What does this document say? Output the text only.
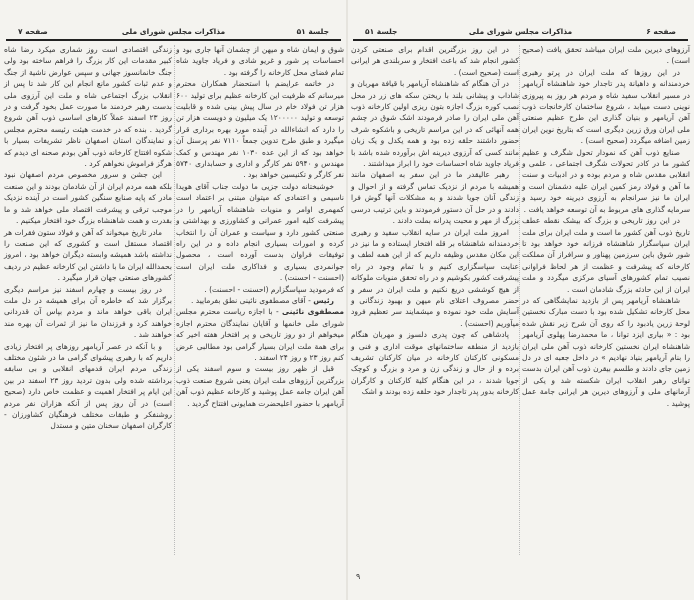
جلسة ۵۱
مذاکرات مجلس شورای ملی
صفحه ۷

شوق و ایمان شاه و میهن از چشمان آنها جاری بود و احساسات پر شور و غریو شادی و فریاد جاوید شاه تمام فضای محل کارخانه را گرفته بود .

در خاتمه عرایضم با استحضار همکاران محترم میرسانم که ظرفیت این کارخانه عظیم برای تولید ۶۰۰ هزار تن فولاد خام در سال پیش بینی شده و قابلیت توسعه و تولید ۱۲۰۰۰۰۰ یک میلیون و دویست هزار تن را دارد که انشاءالله در آینده مورد بهره برداری قرار میگیرد و طبق طرح تدوین جمعاً ۷۱۱۰ نفر پرسنل آن خواهد بود که از این عده ۱۰۳۰ نفر مهندس و کمک مهندس و ۵۹۴۰ نفر کارگر و اداری و حسابداری ۵۷۴۰ نفر کارگر و تکنیسین خواهد بود .

خوشبختانه دولت جزیی ما دولت جناب آقای هویدا ناسیمی و اعتمادی که میتوان مبتنی بر اعتماد است کمهمری اوامر و منویات شاهنشاه آریامهر را در پیشرفت کلیه امور عمرانی و کشاورزی و بهداشتی و صنعتی کشور دارد و سیاست و عمران آن را انتخاب کرده و امورات بسیاری انجام داده و در این راه توفیقات فراوان بدست آورده است ، محصول جوانمردی بسیاری و فداکاری ملت ایران است (احسنت - احسنت) .

که فرمودید سپاسگزارم (احسنت - احسنت) .

رئیس - آقای مصطفوی نائینی نطق بفرمایید .

مصطفوی نائینی - با اجازه ریاست محترم مجلس شورای ملی خانمها و آقایان نمایندگان محترم اجازه میخواهم از دو روز تاریخی و پر افتخار هفته اخیر که برای همة ملت ایران بسیار گرامی بود مطالبی عرض کنم روز ۲۳ و روز ۲۴ اسفند .

قبل از ظهر روز بیست و سوم اسفند یکی از بزرگترین آرزوهای ملت ایران یعنی شروع صنعت ذوب آهن ایران جامه عمل پوشید و کارخانه عظیم ذوب آهن آریامهر با حضور اعلیحضرت همایونی افتتاح گردید .

زندگی اقتصادی است روز شماری میکرد رضا شاه کبیر مقدمات این کار بزرگ را فراهم ساخته بود ولی جنگ خانمانسوز جهانی و سپس عوارض ناشیة از جنگ و عدم ثبات کشور مانع انجام این کار شد تا پس از انقلاب بزرگ اجتماعی شاه و ملت این آرزوی ملی بدست رهبر خردمند ما صورت عمل بخود گرفت و در روز ۲۳ اسفند عملاً کارهای اساسی ذوب آهن شروع گردید . بنده که در خدمت هیئت رئیسه محترم مجلس و نمایندگان استان اصفهان ناظر تشریفات بسیار با شکوه افتتاح کارخانه ذوب آهن بودم صحنه ای دیدم که هرگز فراموش نخواهم کرد .

این جشن و سرور مخصوص مردم اصفهان نبود بلکه همه مردم ایران از آن شادمان بودند و این صنعت مادر که پایه صنایع سنگین کشور است در آینده نزدیک موجب ترقی و پیشرفت اقتصاد ملی خواهد شد و ما بقدرت و همت شاهنشاه بزرگ خود افتخار میکنیم .

مادر تاریخ میخواند که آهن و فولاد ستون فقرات هر اقتصاد مستقل است و کشوری که این صنعت را نداشته باشد همیشه وابسته دیگران خواهد بود ، امروز بحمدالله ایران ما با داشتن این کارخانه عظیم در ردیف کشورهای صنعتی جهان قرار میگیرد .

در روز بیست و چهارم اسفند نیز مراسم دیگری برگزار شد که خاطره آن برای همیشه در دل ملت ایران باقی خواهد ماند و مردم بپاس آن قدردانی خواهند کرد و فرزندان ما نیز از ثمرات آن بهره مند خواهند شد .

و با آنکه در عصر آریامهر روزهای پر افتخار زیادی داریم که با رهبری پیشوای گرامی ما در شئون مختلف زندگی مردم ایران قدمهای انقلابی و بی سابقه برداشته شده ولی بدون تردید روز ۲۳ اسفند در بین این ایام پر افتخار اهمیت و عظمت خاص دارد (صحیح است) در آن روز پس از آنکه هزاران نفر مردم روشنفکر و طبقات مختلف فرهنگیان کشاورزان - کارگران اصفهان سخنان متین و مستدل

صفحه ۶
مذاکرات مجلس شورای ملی
جلسة ۵۱

آرزوهای دیرین ملت ایران میباشد تحقق یافت (صحیح است) .

در این روزها که ملت ایران در پرتو رهبری خردمندانه و داهیانة پدر تاجدار خود شاهنشاه آریامهر در مسیر انقلاب سفید شاه و مردم هر روز به پیروزی نوینی دست مییابد ، شروع ساختمان کارخانجات ذوب آهن آریامهر و بنیان گذاری این طرح عظیم صنعتی ملی ایران ورق زرین دیگری است که بتاریخ نوین ایران زمین اضافه میگردد (صحیح است) .

صنایع ذوب آهن که نمودار تحول شگرف و عظیم کشور ما در کادر تحولات شگرف اجتماعی ، علمی و انقلابی مقدس شاه و مردم بوده و در ادبیات و سنت ما آهن و فولاد رمز کمین ایران علیه دشمنان است و ایران ما نیز سرانجام به آرزوی دیرینه خود رسید و سرمایه گذاری های مربوط به آن توسعه خواهد یافت .

در این روز تاریخی و بزرگ که بیشک نقطه عطف تاریخ ذوب آهن کشور ما است و ملت ایران برای ملت ایران سپاسگزار شاهنشاه فرزانه خود خواهد بود تا شور شوق باین سرزمین پهناور و سرافراز آن مملکت کارخانه که پیشرفت و عظمت از هر لحاظ فراوانی نصیب تمام کشورهای آسیای مرکزی میگردد و ملت ایران از این حادثه بزرگ شادمان است .

شاهنشاه آریامهر پس از بازدید نمایشگاهی که در محل کارخانه تشکیل شده بود با دست مبارک نخستین لوحة زرین یادبود را که روی آن شرح زیر نقش شده بود : « بیاری ایزد توانا ، ما محمدرضا پهلوی آریامهر شاهنشاه ایران نخستین کارخانه ذوب آهن ملی ایران را بنام آریامهر بنیاد نهادیم » در داخل جعبه ای در دل زمین جای دادند و طلسم بیقرن ذوب آهن ایران بدست توانای رهبر انقلاب ایران شکسته شد و یکی از آرمانهای ملی و آرزوهای دیرین هر ایرانی جامة عمل پوشید .

در این روز بزرگترین اقدام برای صنعتی کردن کشور انجام شد که باعث افتخار و سربلندی هر ایرانی است (صحیح است) .

در آن هنگام که شاهنشاه آریامهر با قیافة مهربان و شاداب و پیشانی بلند با ریختن سکه های زر در محل نصب کوره بزرگ اجازه بتون ریزی اولین کارخانه ذوب آهن ملی ایران را صادر فرمودند اشک شوق در چشم همه آنهائی که در این مراسم تاریخی و باشکوه شرف حضور داشتند حلقه زده بود و همه یکدل و یک زبان مانند کسی که آرزوی دیرینه اش برآورده شده باشد با فریاد جاوید شاه احساسات خود را ابراز میداشتند .

رهبر عالیقدر ما در این سفر به اصفهان مانند همیشه با مردم از نزدیک تماس گرفته و از احوال و زندگی آنان جویا شدند و به مشکلات آنها گوش فرا دادند و در حل آن دستور فرمودند و باین ترتیب درسی بزرگ از مهر و محبت پدرانه بملت دادند .

امروز ملت ایران در سایه انقلاب سفید و رهبری خردمندانه شاهنشاه بر قله افتخار ایستاده و ما نیز در این مکان مقدس وظیفه داریم که از این همه لطف و عنایت سپاسگزاری کنیم و با تمام وجود در راه پیشرفت کشور بکوشیم و در راه تحقق منویات ملوکانه از هیچ کوششی دریغ نکنیم و ملت ایران در سفر و حضر مصروف اعتلای نام میهن و بهبود زندگانی و آسایش ملت خود نموده و میشمایند سر تعظیم فرود میآوریم (احسنت) .

پادشاهی که چون پدری دلسوز و مهربان هنگام بازدید از منطقه ساختمانهای موقت اداری و فنی و مسکونی کارکنان کارخانه در میان کارکنان تشریف برده و از حال و زندگی زن و مرد و بزرگ و کوچک جویا شدند ، در این هنگام کلیة کارکنان و کارگران کارخانه بدور پدر تاجدار خود حلقه زده بودند و اشک

۹
